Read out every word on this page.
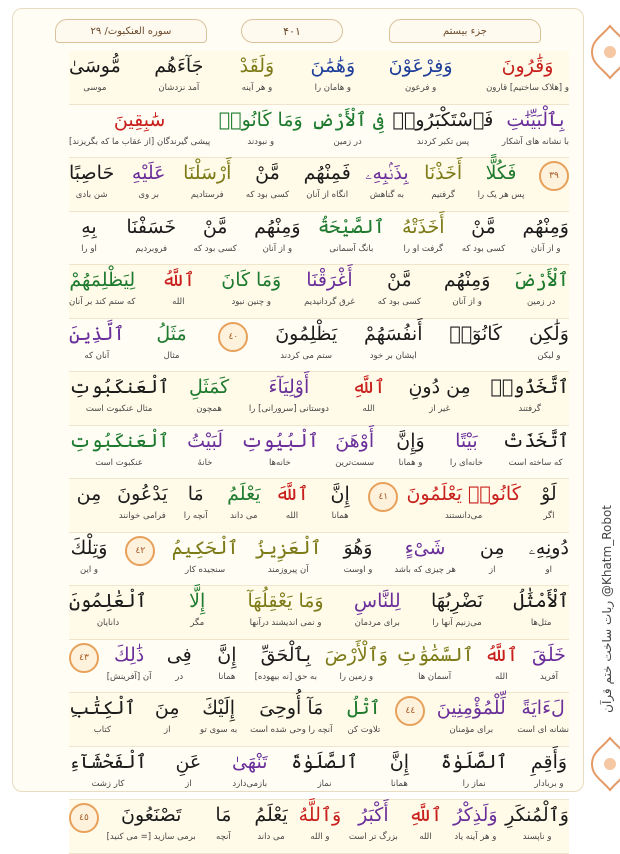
سوره العنکبوت/ ۲۹	۴۰۱	جزء بیستم
وَقَٰرُونَ
و [هلاک ساختیم] قارون
وَفِرْعَوْنَ
و فرعون
وَهَٰمَٰنَ
و هامان را
وَلَقَدْ
و هر آینه
جَآءَهُم
آمد نزدشان
مُّوسَىٰ
موسی
بِٱلْبَيِّنَٰتِ
با نشانه های آشکار
فَٱسْتَكْبَرُوا۟
پس تکبر کردند
فِى ٱلْأَرْضِ
در زمین
وَمَا كَانُوا۟
و نبودند
سَٰبِقِينَ
پیشی گیرندگان [از عقاب ما که بگریزند]
٣٩
فَكُلًّا
پس هر یک را
أَخَذْنَا
گرفتیم
بِذَنۢبِهِۦ
به گناهش
فَمِنْهُم
انگاه از آنان
مَّنْ
کسی بود که
أَرْسَلْنَا
فرستادیم
عَلَيْهِ
بر وی
حَاصِبًا
شن بادی
وَمِنْهُم
و از آنان
مَّنْ
کسی بود که
أَخَذَتْهُ
گرفت او را
ٱلصَّيْحَةُ
بانگ آسمانی
وَمِنْهُم
و از آنان
مَّنْ
کسی بود که
خَسَفْنَا
فروبردیم
بِهِ
او را
ٱلْأَرْضَ
در زمین
وَمِنْهُم
و از آنان
مَّنْ
کسی بود که
أَغْرَقْنَا
غرق گردانیدیم
وَمَا كَانَ
و چنین نبود
ٱللَّهُ
الله
لِيَظْلِمَهُمْ
که ستم کند بر آنان
وَلَٰكِن
و لیکن
كَانُوٓا۟
أَنفُسَهُمْ
ایشان بر خود
يَظْلِمُونَ
ستم می کردند
٤٠
مَثَلُ
مثال
ٱلَّذِينَ
آنان که
ٱتَّخَذُوا۟
گرفتند
مِن دُونِ
غیر از
ٱللَّهِ
الله
أَوْلِيَآءَ
دوستانی [سرورانی] را
كَمَثَلِ
همچون
ٱلْعَنكَبُوتِ
مثال عنکبوت است
ٱتَّخَذَتْ
که ساخته است
بَيْتًا
خانه‌ای را
وَإِنَّ
و همانا
أَوْهَنَ
سست‌ترین
ٱلْبُيُوتِ
خانه‌ها
لَبَيْتُ
خانهٔ
ٱلْعَنكَبُوتِ
عنکبوت است
لَوْ
اگر
كَانُوا۟ يَعْلَمُونَ
می‌دانستند
٤١
إِنَّ
همانا
ٱللَّهَ
الله
يَعْلَمُ
می داند
مَا
آنچه را
يَدْعُونَ
فرامی خوانند
مِن
دُونِهِۦ
او
مِن
از
شَىْءٍ
هر چیزی که باشد
وَهُوَ
و اوست
ٱلْعَزِيزُ
آن پیروزمند
ٱلْحَكِيمُ
سنجیده کار
٤٢
وَتِلْكَ
و این
ٱلْأَمْثَٰلُ
مثل‌ها
نَضْرِبُهَا
می‌زنیم آنها را
لِلنَّاسِ
برای مردمان
وَمَا يَعْقِلُهَآ
و نمی اندیشند درآنها
إِلَّا
مگر
ٱلْعَٰلِمُونَ
دانایان
خَلَقَ
آفرید
ٱللَّهُ
الله
ٱلسَّمَٰوَٰتِ
آسمان ها
وَٱلْأَرْضَ
و زمین را
بِٱلْحَقِّ
به حق [نه بیهوده]
إِنَّ
همانا
فِى
در
ذَٰلِكَ
آن [آفرینش]
٤٣
لَءَايَةً
نشانه ای است
لِّلْمُؤْمِنِينَ
برای مؤمنان
٤٤
ٱتْلُ
تلاوت کن
مَآ أُوحِىَ
آنچه را وحی شده است
إِلَيْكَ
به سوی تو
مِنَ
از
ٱلْكِتَٰبِ
کتاب
وَأَقِمِ
و بربادار
ٱلصَّلَوٰةَ
نماز را
إِنَّ
همانا
ٱلصَّلَوٰةَ
نماز
تَنْهَىٰ
بازمی‌دارد
عَنِ
از
ٱلْفَحْشَآءِ
کار زشت
وَٱلْمُنكَرِ
و ناپسند
وَلَذِكْرُ
و هر آینه یاد
ٱللَّهِ
الله
أَكْبَرُ
بزرگ تر است
وَٱللَّهُ
و الله
يَعْلَمُ
می داند
مَا
آنچه
تَصْنَعُونَ
برمی سازید [= می کنید]
٤٥
ربات ساخت ختم قرآن @Khatm_Robot
